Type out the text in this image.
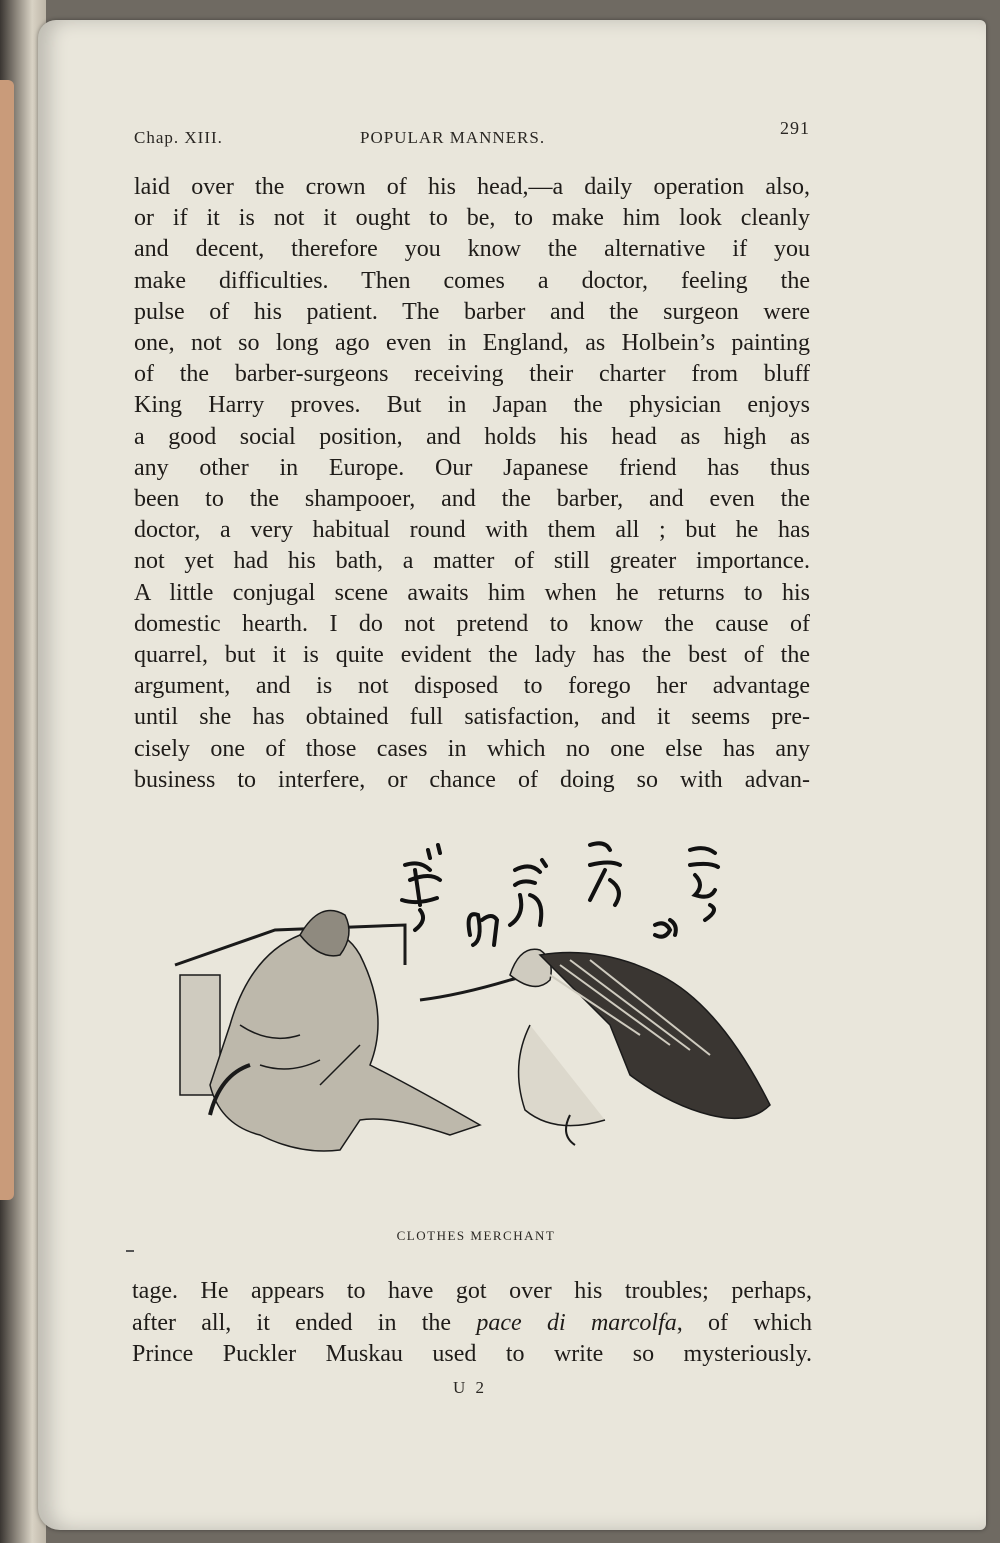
Chap. XIII.	POPULAR MANNERS.	291
laid over the crown of his head,—a daily operation also,
or if it is not it ought to be, to make him look cleanly
and decent, therefore you know the alternative if you
make difficulties. Then comes a doctor, feeling the
pulse of his patient. The barber and the surgeon were
one, not so long ago even in England, as Holbein’s painting
of the barber-surgeons receiving their charter from bluff
King Harry proves. But in Japan the physician enjoys
a good social position, and holds his head as high as
any other in Europe. Our Japanese friend has thus
been to the shampooer, and the barber, and even the
doctor, a very habitual round with them all ; but he has
not yet had his bath, a matter of still greater importance.
A little conjugal scene awaits him when he returns to his
domestic hearth. I do not pretend to know the cause of
quarrel, but it is quite evident the lady has the best of the
argument, and is not disposed to forego her advantage
until she has obtained full satisfaction, and it seems pre-
cisely one of those cases in which no one else has any
business to interfere, or chance of doing so with advan-
CLOTHES MERCHANT
tage. He appears to have got over his troubles; perhaps,
after all, it ended in the pace di marcolfa, of which
Prince Puckler Muskau used to write so mysteriously.
U 2
